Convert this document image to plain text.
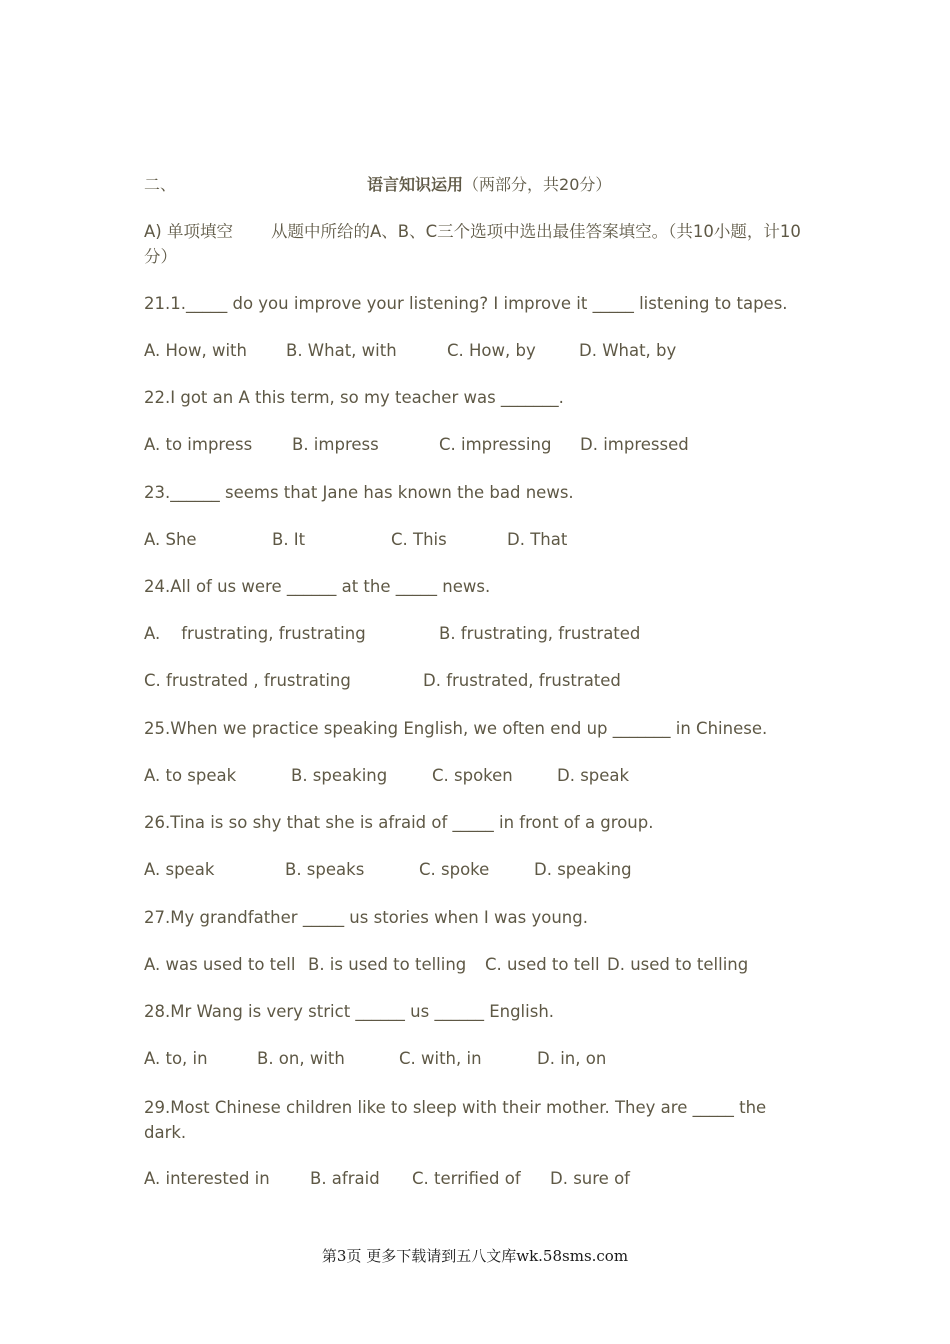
二、	语言知识运用（两部分，共20分）
A) 单项填空 从题中所给的A、B、C三个选项中选出最佳答案填空。（共10小题，计10分）
21.1._____ do you improve your listening? I improve it _____ listening to tapes.
A. How, with B. What, with	C. How, by	D. What, by
22.I got an A this term, so my teacher was _______.
A. to impress B. impress	C. impressing D. impressed
23.______ seems that Jane has known the bad news.
A. She	B. It	C. This	D. That
24.All of us were ______ at the _____ news.
A.    frustrating, frustrating	B. frustrating, frustrated
C. frustrated , frustrating	D. frustrated, frustrated
25.When we practice speaking English, we often end up _______ in Chinese.
A. to speak	B. speaking	C. spoken	D. speak
26.Tina is so shy that she is afraid of _____ in front of a group.
A. speak	B. speaks	C. spoke	D. speaking
27.My grandfather _____ us stories when I was young.
A. was used to tell B. is used to telling C. used to tell D. used to telling
28.Mr Wang is very strict ______ us ______ English.
A. to, in	B. on, with	C. with, in	D. in, on
29.Most Chinese children like to sleep with their mother. They are _____ the dark.
A. interested in B. afraid C. terrified of D. sure of
第3页 更多下载请到五八文库wk.58sms.com
